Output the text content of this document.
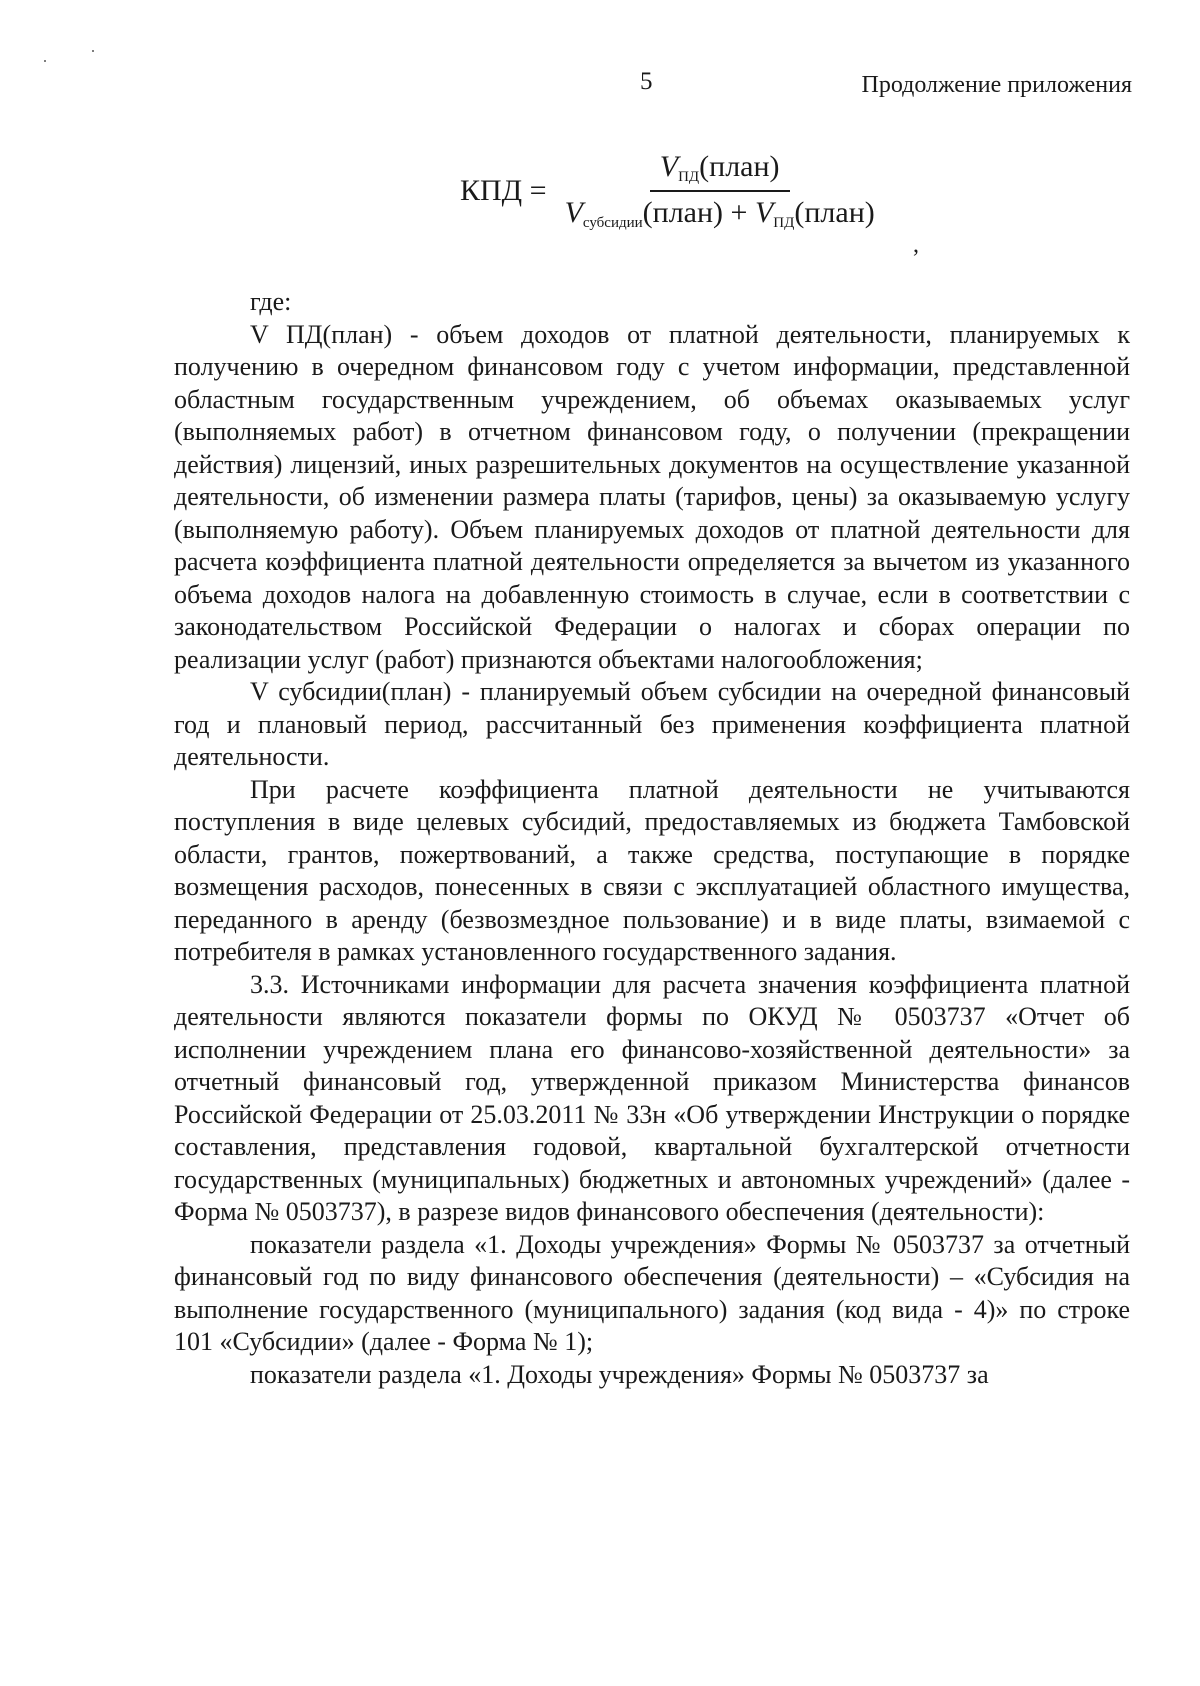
5	Продолжение приложения
КПД = $\frac{V_{ПД}(план)}{V_{субсидии}(план) + V_{ПД}(план)}$
,

где:

V ПД(план) - объем доходов от платной деятельности, планируемых к получению в очередном финансовом году с учетом информации, представленной областным государственным учреждением, об объемах оказываемых услуг (выполняемых работ) в отчетном финансовом году, о получении (прекращении действия) лицензий, иных разрешительных документов на осуществление указанной деятельности, об изменении размера платы (тарифов, цены) за оказываемую услугу (выполняемую работу). Объем планируемых доходов от платной деятельности для расчета коэффициента платной деятельности определяется за вычетом из указанного объема доходов налога на добавленную стоимость в случае, если в соответствии с законодательством Российской Федерации о налогах и сборах операции по реализации услуг (работ) признаются объектами налогообложения;

V субсидии(план) - планируемый объем субсидии на очередной финансовый год и плановый период, рассчитанный без применения коэффициента платной деятельности.

При расчете коэффициента платной деятельности не учитываются поступления в виде целевых субсидий, предоставляемых из бюджета Тамбовской области, грантов, пожертвований, а также средства, поступающие в порядке возмещения расходов, понесенных в связи с эксплуатацией областного имущества, переданного в аренду (безвозмездное пользование) и в виде платы, взимаемой с потребителя в рамках установленного государственного задания.

3.3. Источниками информации для расчета значения коэффициента платной деятельности являются показатели формы по ОКУД № 0503737 «Отчет об исполнении учреждением плана его финансово-хозяйственной деятельности» за отчетный финансовый год, утвержденной приказом Министерства финансов Российской Федерации от 25.03.2011 № 33н «Об утверждении Инструкции о порядке составления, представления годовой, квартальной бухгалтерской отчетности государственных (муниципальных) бюджетных и автономных учреждений» (далее - Форма № 0503737), в разрезе видов финансового обеспечения (деятельности):

показатели раздела «1. Доходы учреждения» Формы № 0503737 за отчетный финансовый год по виду финансового обеспечения (деятельности) – «Субсидия на выполнение государственного (муниципального) задания (код вида - 4)» по строке 101 «Субсидии» (далее - Форма № 1);

показатели раздела «1. Доходы учреждения» Формы № 0503737 за
